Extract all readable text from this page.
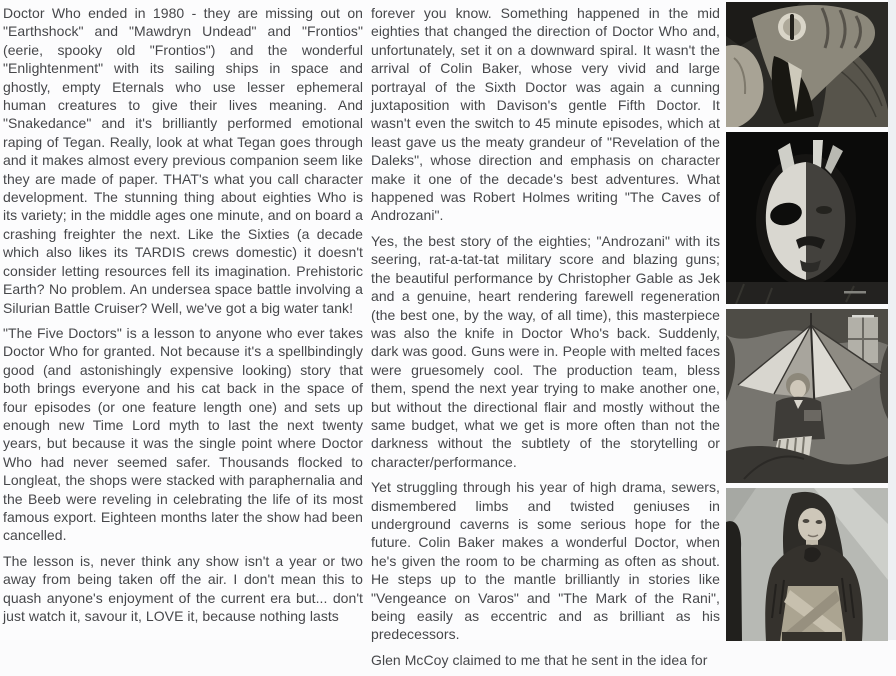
Doctor Who ended in 1980 - they are missing out on "Earthshock" and "Mawdryn Undead" and "Frontios" (eerie, spooky old "Frontios") and the wonderful "Enlightenment" with its sailing ships in space and ghostly, empty Eternals who use lesser ephemeral human creatures to give their lives meaning. And "Snakedance" and it's brilliantly performed emotional raping of Tegan. Really, look at what Tegan goes through and it makes almost every previous companion seem like they are made of paper. THAT's what you call character development. The stunning thing about eighties Who is its variety; in the middle ages one minute, and on board a crashing freighter the next. Like the Sixties (a decade which also likes its TARDIS crews domestic) it doesn't consider letting resources fell its imagination. Prehistoric Earth? No problem. An undersea space battle involving a Silurian Battle Cruiser? Well, we've got a big water tank!

"The Five Doctors" is a lesson to anyone who ever takes Doctor Who for granted. Not because it's a spellbindingly good (and astonishingly expensive looking) story that both brings everyone and his cat back in the space of four episodes (or one feature length one) and sets up enough new Time Lord myth to last the next twenty years, but because it was the single point where Doctor Who had never seemed safer. Thousands flocked to Longleat, the shops were stacked with paraphernalia and the Beeb were reveling in celebrating the life of its most famous export. Eighteen months later the show had been cancelled.

The lesson is, never think any show isn't a year or two away from being taken off the air. I don't mean this to quash anyone's enjoyment of the current era but... don't just watch it, savour it, LOVE it, because nothing lasts

forever you know. Something happened in the mid eighties that changed the direction of Doctor Who and, unfortunately, set it on a downward spiral. It wasn't the arrival of Colin Baker, whose very vivid and large portrayal of the Sixth Doctor was again a cunning juxtaposition with Davison's gentle Fifth Doctor. It wasn't even the switch to 45 minute episodes, which at least gave us the meaty grandeur of "Revelation of the Daleks", whose direction and emphasis on character make it one of the decade's best adventures. What happened was Robert Holmes writing "The Caves of Androzani".

Yes, the best story of the eighties; "Androzani" with its seering, rat-a-tat-tat military score and blazing guns; the beautiful performance by Christopher Gable as Jek and a genuine, heart rendering farewell regeneration (the best one, by the way, of all time), this masterpiece was also the knife in Doctor Who's back. Suddenly, dark was good. Guns were in. People with melted faces were gruesomely cool. The production team, bless them, spend the next year trying to make another one, but without the directional flair and mostly without the same budget, what we get is more often than not the darkness without the subtlety of the storytelling or character/performance.

Yet struggling through his year of high drama, sewers, dismembered limbs and twisted geniuses in underground caverns is some serious hope for the future. Colin Baker makes a wonderful Doctor, when he's given the room to be charming as often as shout. He steps up to the mantle brilliantly in stories like "Vengeance on Varos" and "The Mark of the Rani", being easily as eccentric and as brilliant as his predecessors.

Glen McCoy claimed to me that he sent in the idea for
